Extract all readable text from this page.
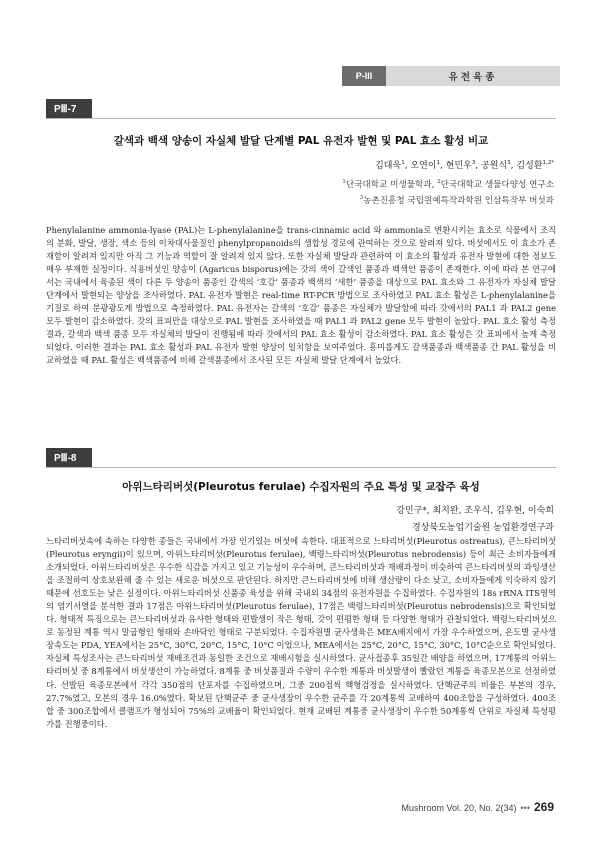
P-III	유전육종
PⅢ-7
갈색과 백색 양송이 자실체 발달 단계별 PAL 유전자 발현 및 PAL 효소 활성 비교
김대욱$^1$, 오연이$^1$, 현민우$^3$, 공원식$^3$, 김성환$^{1,2*}$
$^1$단국대학교 미생물학과, $^2$단국대학교 생물다양성 연구소
$^3$농촌진흥청 국립원예특작과학원 인삼특작부 버섯과

Phenylalanine ammonia-lyase (PAL)는 L-phenylalanine을 trans-cinnamic acid 와 ammonia로 변환시키는 효소로 식물에서 조직의 분화, 발달, 생장, 색소 등의 이차대사물질인 phenylpropanoids의 생합성 경로에 관여하는 것으로 알려져 있다. 버섯에서도 이 효소가 존재함이 알려져 있지만 아직 그 기능과 역할이 잘 알려져 있지 않다. 또한 자실체 발달과 관련하여 이 효소의 활성과 유전자 발현에 대한 정보도 매우 부재한 실정이다. 식용버섯인 양송이 (Agaricus bisporus)에는 갓의 색이 갈색인 품종과 백색인 품종이 존재한다. 이에 따라 본 연구에서는 국내에서 육종된 색이 다른 두 양송이 품종인 갈색의 ‘호감’ 품종과 백색의 ‘새한’ 품종을 대상으로 PAL 효소와 그 유전자가 자실체 발달 단계에서 발현되는 양상을 조사하였다. PAL 유전자 발현은 real-time RT-PCR 방법으로 조사하였고 PAL 효소 활성은 L-phenylalanine을 기질로 하여 분광광도계 방법으로 측정하였다. PAL 유전자는 갈색의 ‘호감’ 품종은 자실체가 발달함에 따라 갓에서의 PAL1 과 PAL2 gene 모두 발현이 감소하였다. 갓의 표피만을 대상으로 PAL 발현을 조사하였을 때 PAL1 과 PAL2 gene 모두 발현이 높았다. PAL 효소 활성 측정 결과, 갈색과 백색 품종 모두 자실체의 발달이 진행됨에 따라 갓에서의 PAL 효소 활성이 감소하였다. PAL 효소 활성은 갓 표피에서 높게 측정되었다. 이러한 결과는 PAL 효소 활성과 PAL 유전자 발현 양상이 일치함을 보여주었다. 흥미롭게도 갈색품종과 백색품종 간 PAL 활성을 비교하였을 때 PAL 활성은 백색품종에 비해 갈색품종에서 조사된 모든 자실체 발달 단계에서 높았다.

PⅢ-8
아위느타리버섯(Pleurotus ferulae) 수집자원의 주요 특성 및 교잡주 육성
강민구*, 최지완, 조우식, 김우현, 이숙희
경상북도농업기술원 농업환경연구과

느타리버섯속에 속하는 다양한 종들은 국내에서 가장 인기있는 버섯에 속한다. 대표적으로 느타리버섯(Pleurotus ostreatus), 큰느타리버섯(Pleurotus eryngii)이 있으며, 아위느타리버섯(Pleurotus ferulae), 백령느타리버섯(Pleurotus nebrodensis) 등이 최근 소비자들에게 소개되었다. 아위느타리버섯은 우수한 식감을 가지고 있고 기능성이 우수하며, 큰느타리버섯과 재배과정이 비슷하여 큰느타리버섯의 과잉생산을 조절하여 상호보완해 줄 수 있는 새로운 버섯으로 판단된다. 하지만 큰느타리버섯에 비해 생산량이 다소 낮고, 소비자들에게 익숙하지 않기 때문에 선호도는 낮은 실정이다. 아위느타리버섯 신품종 육성을 위해 국내외 34점의 유전자원을 수집하였다. 수집자원의 18s rRNA ITS영역의 염기서열을 분석한 결과 17점은 아위느타리버섯(Pleurotus ferulae), 17점은 백령느타리버섯(Pleurotus nebrodensis)으로 확인되었다. 형태적 특징으로는 큰느타리버섯과 유사한 형태와 편발생이 작은 형태, 갓이 편평한 형태 등 다양한 형태가 관찰되었다. 백령느타리버섯으로 동정된 계통 역시 말굽형인 형태와 손바닥인 형태로 구분되었다. 수집자원별 균사생육은 MEA배지에서 가장 우수하였으며, 온도별 균사생장속도는 PDA, YEA에서는 25°C, 30°C, 20°C, 15°C, 10°C 이었으나, MEA에서는 25°C, 20°C, 15°C, 30°C, 10°C순으로 확인되었다. 자실체 특성조사는 큰느타리버섯 재배조건과 동일한 조건으로 재배시험을 실시하였다. 균사접종후 35일간 배양을 하였으며, 17계통의 아위느타리버섯 중 8계통에서 버섯생산이 가능하였다. 8계통 중 버섯품질과 수량이 우수한 계통과 버섯발생이 빨랐던 계통을 육종모본으로 선정하였다. 선발된 육종모본에서 각각 350점의 단포자를 수집하였으며, 그중 200점씩 핵형검정을 실시하였다. 단핵균주의 비율은 부본의 경우, 27.7%였고, 모본의 경우 16.0%였다. 확보된 단핵균주 중 균사생장이 우수한 균주를 각 20계통씩 교배하여 400조합을 구성하였다. 400조합 중 300조합에서 클램프가 형성되어 75%의 교배율이 확인되었다. 현재 교배된 계통중 균사생장이 우수한 50계통씩 단위로 자실체 특성평가를 진행중이다.

Mushroom Vol. 20, No. 2(34) ••• 269
